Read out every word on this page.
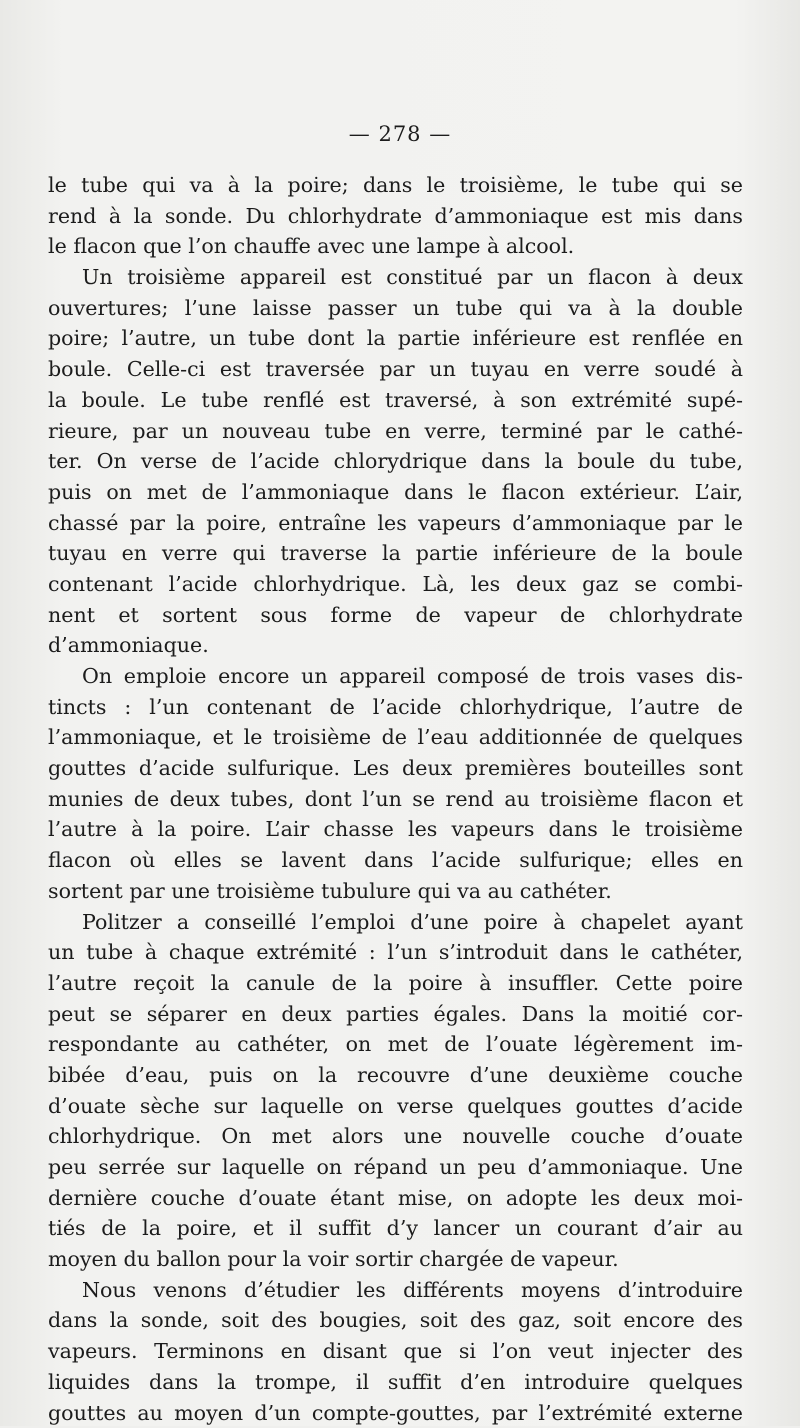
— 278 —
le tube qui va à la poire; dans le troisième, le tube qui se
rend à la sonde. Du chlorhydrate d’ammoniaque est mis dans
le flacon que l’on chauffe avec une lampe à alcool.
Un troisième appareil est constitué par un flacon à deux
ouvertures; l’une laisse passer un tube qui va à la double
poire; l’autre, un tube dont la partie inférieure est renflée en
boule. Celle-ci est traversée par un tuyau en verre soudé à
la boule. Le tube renflé est traversé, à son extrémité supé-
rieure, par un nouveau tube en verre, terminé par le cathé-
ter. On verse de l’acide chlorydrique dans la boule du tube,
puis on met de l’ammoniaque dans le flacon extérieur. L’air,
chassé par la poire, entraîne les vapeurs d’ammoniaque par le
tuyau en verre qui traverse la partie inférieure de la boule
contenant l’acide chlorhydrique. Là, les deux gaz se combi-
nent et sortent sous forme de vapeur de chlorhydrate
d’ammoniaque.
On emploie encore un appareil composé de trois vases dis-
tincts : l’un contenant de l’acide chlorhydrique, l’autre de
l’ammoniaque, et le troisième de l’eau additionnée de quelques
gouttes d’acide sulfurique. Les deux premières bouteilles sont
munies de deux tubes, dont l’un se rend au troisième flacon et
l’autre à la poire. L’air chasse les vapeurs dans le troisième
flacon où elles se lavent dans l’acide sulfurique; elles en
sortent par une troisième tubulure qui va au cathéter.
Politzer a conseillé l’emploi d’une poire à chapelet ayant
un tube à chaque extrémité : l’un s’introduit dans le cathéter,
l’autre reçoit la canule de la poire à insuffler. Cette poire
peut se séparer en deux parties égales. Dans la moitié cor-
respondante au cathéter, on met de l’ouate légèrement im-
bibée d’eau, puis on la recouvre d’une deuxième couche
d’ouate sèche sur laquelle on verse quelques gouttes d’acide
chlorhydrique. On met alors une nouvelle couche d’ouate
peu serrée sur laquelle on répand un peu d’ammoniaque. Une
dernière couche d’ouate étant mise, on adopte les deux moi-
tiés de la poire, et il suffit d’y lancer un courant d’air au
moyen du ballon pour la voir sortir chargée de vapeur.
Nous venons d’étudier les différents moyens d’introduire
dans la sonde, soit des bougies, soit des gaz, soit encore des
vapeurs. Terminons en disant que si l’on veut injecter des
liquides dans la trompe, il suffit d’en introduire quelques
gouttes au moyen d’un compte-gouttes, par l’extrémité externe
